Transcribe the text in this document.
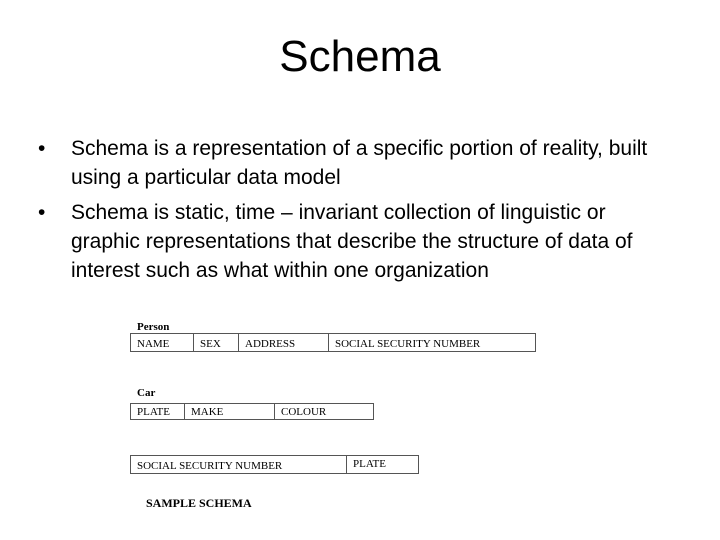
Schema
• Schema is a representation of a specific portion of reality, built using a particular data model
• Schema is static, time – invariant collection of linguistic or graphic representations that describe the structure of data of interest such as what within one organization
Person
NAME	SEX	ADDRESS	SOCIAL SECURITY NUMBER
Car
PLATE	MAKE	COLOUR
SOCIAL SECURITY NUMBER	PLATE
SAMPLE SCHEMA
